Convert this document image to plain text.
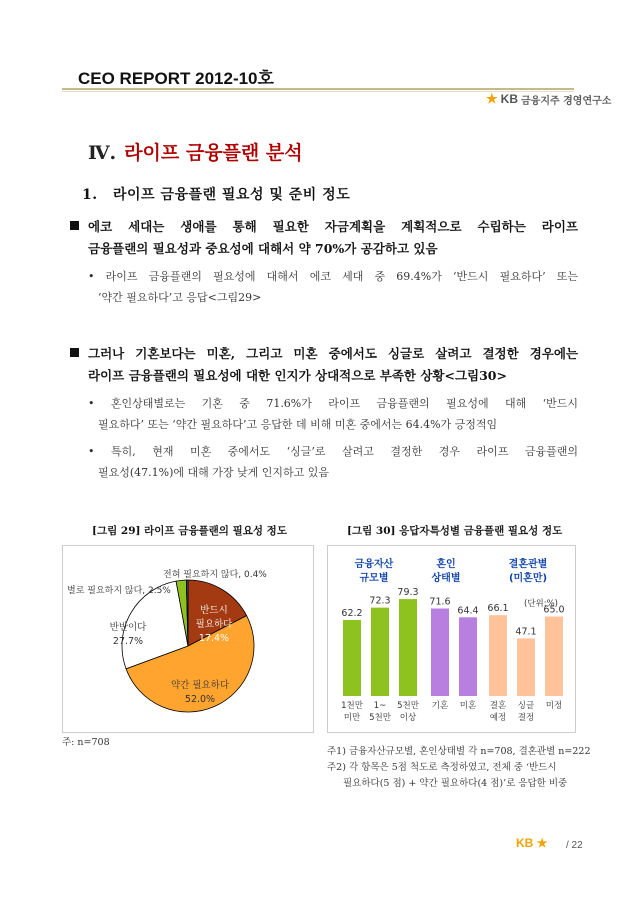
CEO REPORT 2012-10호
★ KB 금융지주 경영연구소
Ⅳ. 라이프 금융플랜 분석
1. 라이프 금융플랜 필요성 및 준비 정도
에코 세대는 생애를 통해 필요한 자금계획을 계획적으로 수립하는 라이프
금융플랜의 필요성과 중요성에 대해서 약 70%가 공감하고 있음
• 라이프 금융플랜의 필요성에 대해서 에코 세대 중 69.4%가 ‘반드시 필요하다’ 또는
‘약간 필요하다’고 응답<그림29>
그러나 기혼보다는 미혼, 그리고 미혼 중에서도 싱글로 살려고 결정한 경우에는
라이프 금융플랜의 필요성에 대한 인지가 상대적으로 부족한 상황<그림30>
• 혼인상태별로는 기혼 중 71.6%가 라이프 금융플랜의 필요성에 대해 ‘반드시
필요하다’ 또는 ‘약간 필요하다’고 응답한 데 비해 미혼 중에서는 64.4%가 긍정적임
• 특히, 현재 미혼 중에서도 ‘싱글’로 살려고 결정한 경우 라이프 금융플랜의
필요성(47.1%)에 대해 가장 낮게 인지하고 있음
[그림 29] 라이프 금융플랜의 필요성 정도
전혀 필요하지 않다, 0.4%
별로 필요하지 않다, 2.5%
반반이다
27.7%
반드시
필요하다
17.4%
약간 필요하다
52.0%
주: n=708
[그림 30] 응답자특성별 금융플랜 필요성 정도
62.2
1천만
미만
72.3
1~
5천만
79.3
5천만
이상
71.6
기혼
64.4
미혼
66.1
결혼
예정
47.1
싱글
결정
65.0
미정
금융자산
규모별
혼인
상태별
결혼관별
(미혼만)
(단위:%)
주1) 금융자산규모별, 혼인상태별 각 n=708, 결혼관별 n=222
주2) 각 항목은 5점 척도로 측정하였고, 전체 중 ‘반드시
필요하다(5 점) + 약간 필요하다(4 점)’로 응답한 비중
KB ★ / 22
